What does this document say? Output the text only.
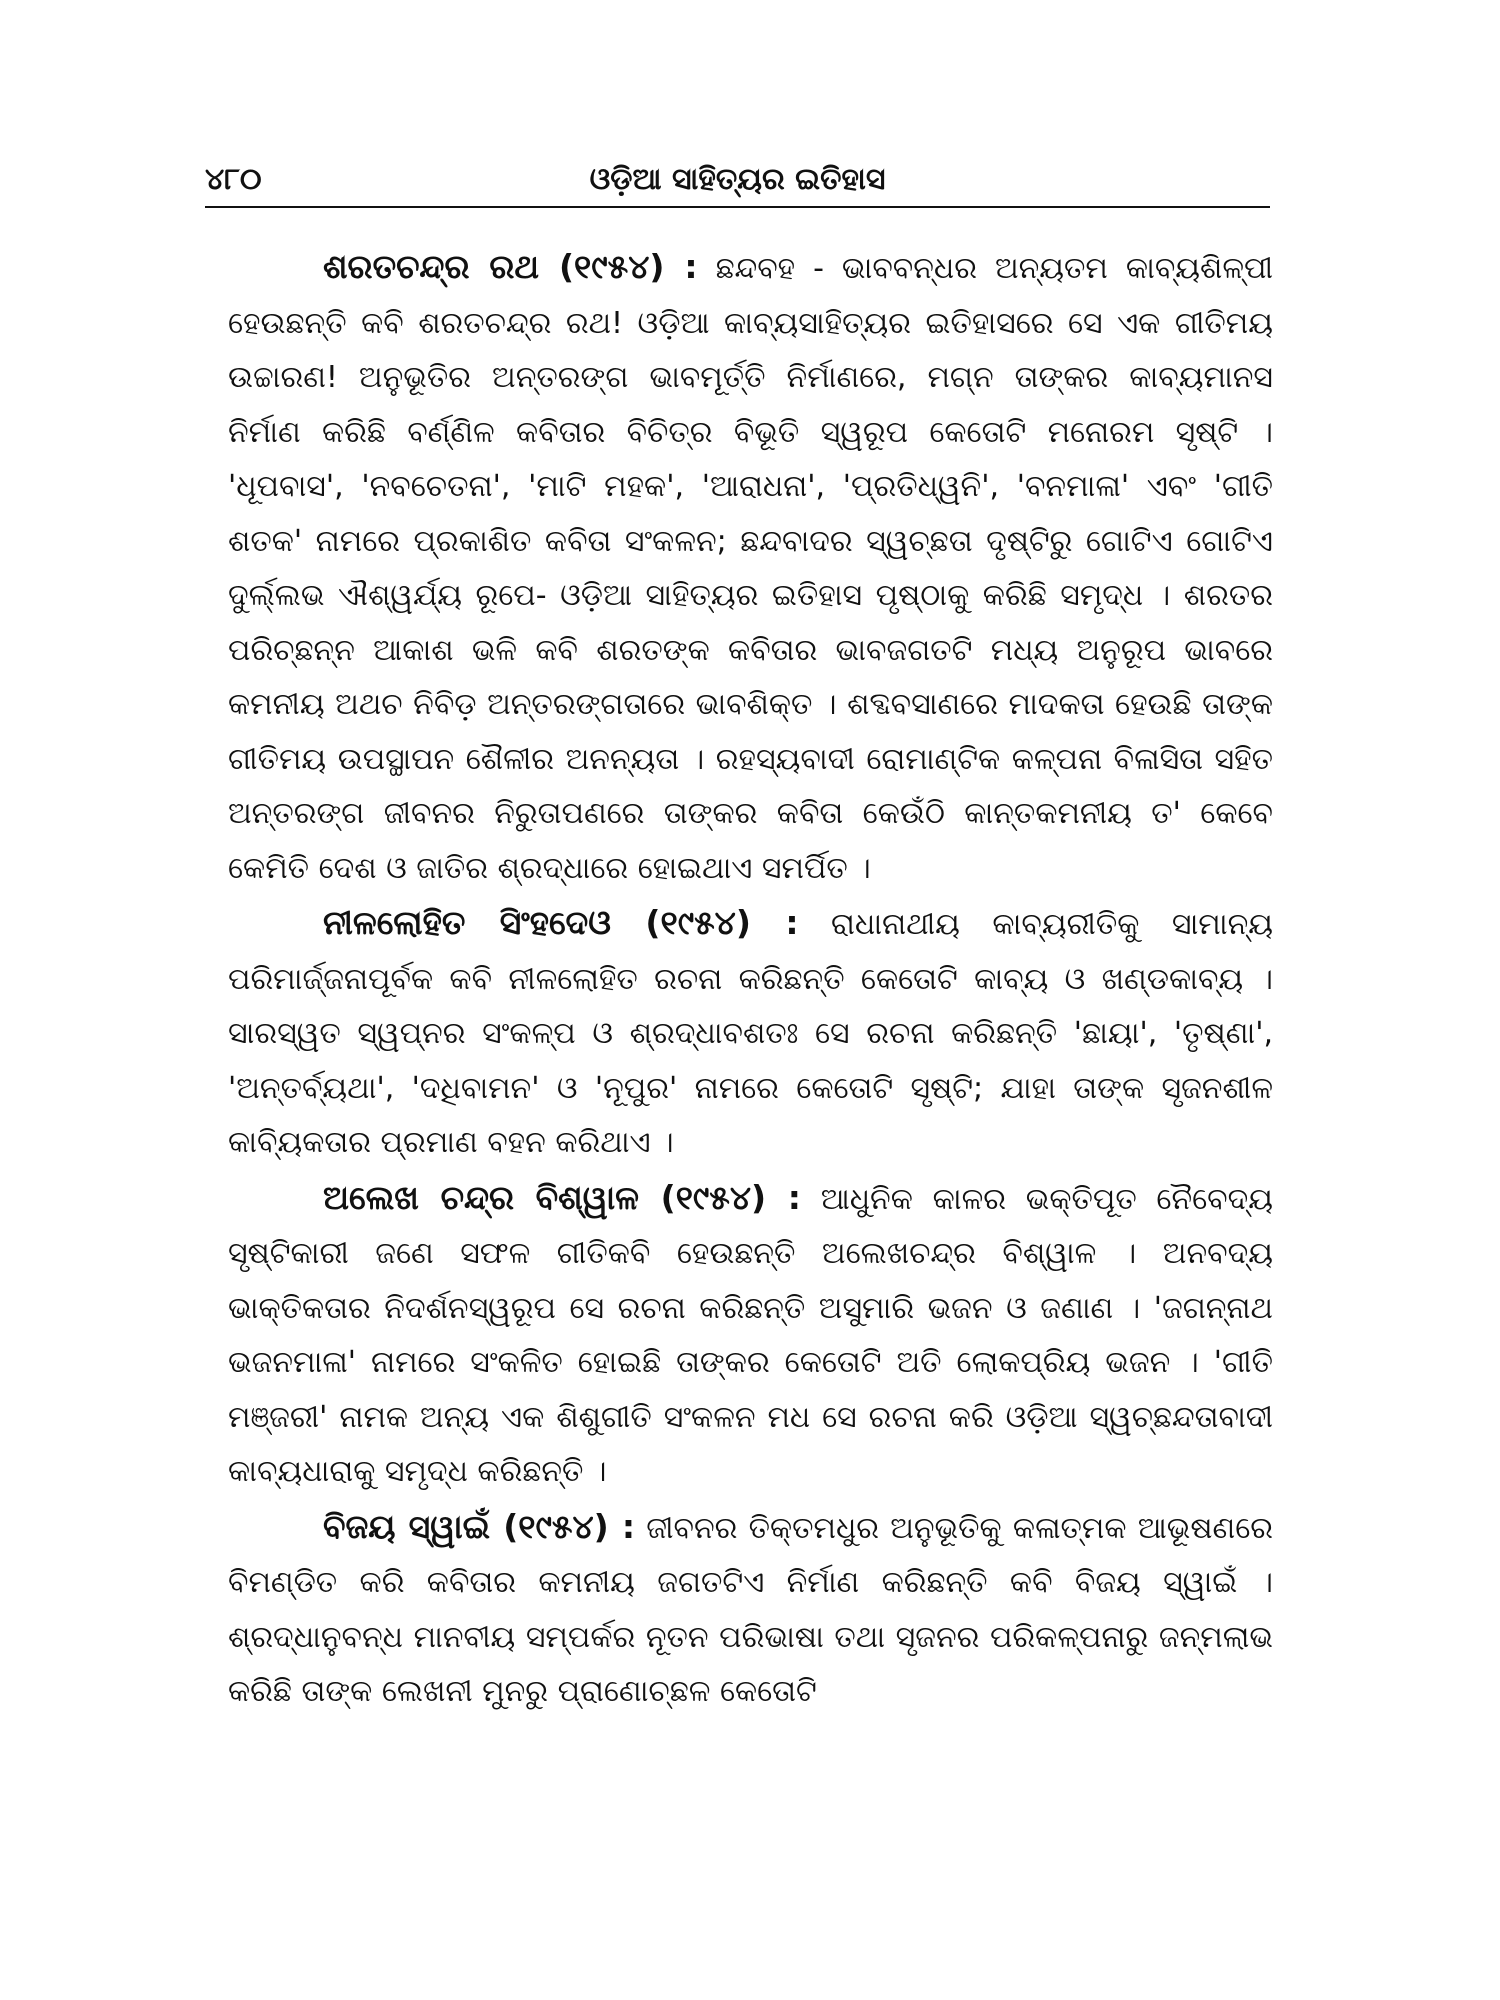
୪୮୦	ଓଡ଼ିଆ ସାହିତ୍ୟର ଇତିହାସ

ଶରତଚନ୍ଦ୍ର ରଥ (୧୯୫୪) : ଛନ୍ଦବହ - ଭାବବନ୍ଧର ଅନ୍ୟତମ କାବ୍ୟଶିଳ୍ପୀ ହେଉଛନ୍ତି କବି ଶରତଚନ୍ଦ୍ର ରଥ! ଓଡ଼ିଆ କାବ୍ୟସାହିତ୍ୟର ଇତିହାସରେ ସେ ଏକ ଗୀତିମୟ ଉଚ୍ଚାରଣ! ଅନୁଭୂତିର ଅନ୍ତରଙ୍ଗ ଭାବମୂର୍ତ୍ତି ନିର୍ମାଣରେ, ମଗ୍ନ ତାଙ୍କର କାବ୍ୟମାନସ ନିର୍ମାଣ କରିଛି ବର୍ଣ୍ଣିଳ କବିତାର ବିଚିତ୍ର ବିଭୂତି ସ୍ୱରୂପ କେତୋଟି ମନୋରମ ସୃଷ୍ଟି । 'ଧୂପବାସ', 'ନବଚେତନା', 'ମାଟି ମହକ', 'ଆରାଧନା', 'ପ୍ରତିଧ୍ୱନି', 'ବନମାଳା' ଏବଂ 'ଗୀତି ଶତକ' ନାମରେ ପ୍ରକାଶିତ କବିତା ସଂକଳନ; ଛନ୍ଦବାଦର ସ୍ୱଚ୍ଛତା ଦୃଷ୍ଟିରୁ ଗୋଟିଏ ଗୋଟିଏ ଦୁର୍ଲ୍ଲଭ ଐଶ୍ୱର୍ଯ୍ୟ ରୂପେ- ଓଡ଼ିଆ ସାହିତ୍ୟର ଇତିହାସ ପୃଷ୍ଠାକୁ କରିଛି ସମୃଦ୍ଧ । ଶରତର ପରିଚ୍ଛନ୍ନ ଆକାଶ ଭଳି କବି ଶରତଙ୍କ କବିତାର ଭାବଜଗତଟି ମଧ୍ୟ ଅନୁରୂପ ଭାବରେ କମନୀୟ ଅଥଚ ନିବିଡ଼ ଅନ୍ତରଙ୍ଗତାରେ ଭାବଶିକ୍ତ । ଶବ୍ଦବସାଣରେ ମାଦକତା ହେଉଛି ତାଙ୍କ ଗୀତିମୟ ଉପସ୍ଥାପନ ଶୈଳୀର ଅନନ୍ୟତା । ରହସ୍ୟବାଦୀ ରୋମାଣ୍ଟିକ କଳ୍ପନା ବିଳାସିତା ସହିତ ଅନ୍ତରଙ୍ଗ ଜୀବନର ନିରୁତାପଣରେ ତାଙ୍କର କବିତା କେଉଁଠି କାନ୍ତକମନୀୟ ତ' କେବେ କେମିତି ଦେଶ ଓ ଜାତିର ଶ୍ରଦ୍ଧାରେ ହୋଇଥାଏ ସମର୍ପିତ ।

ନୀଳଲୋହିତ ସିଂହଦେଓ (୧୯୫୪) : ରାଧାନାଥୀୟ କାବ୍ୟରୀତିକୁ ସାମାନ୍ୟ ପରିମାର୍ଜ୍ଜନାପୂର୍ବକ କବି ନୀଳଲୋହିତ ରଚନା କରିଛନ୍ତି କେତୋଟି କାବ୍ୟ ଓ ଖଣ୍ଡକାବ୍ୟ । ସାରସ୍ୱତ ସ୍ୱପ୍ନର ସଂକଳ୍ପ ଓ ଶ୍ରଦ୍ଧାବଶତଃ ସେ ରଚନା କରିଛନ୍ତି 'ଛାୟା', 'ତୃଷ୍ଣା', 'ଅନ୍ତର୍ବ୍ୟଥା', 'ଦଧିବାମନ' ଓ 'ନୂପୁର' ନାମରେ କେତୋଟି ସୃଷ୍ଟି; ଯାହା ତାଙ୍କ ସୃଜନଶୀଳ କାବ୍ୟିକତାର ପ୍ରମାଣ ବହନ କରିଥାଏ ।

ଅଲେଖ ଚନ୍ଦ୍ର ବିଶ୍ୱାଳ (୧୯୫୪) : ଆଧୁନିକ କାଳର ଭକ୍ତିପୂତ ନୈବେଦ୍ୟ ସୃଷ୍ଟିକାରୀ ଜଣେ ସଫଳ ଗୀତିକବି ହେଉଛନ୍ତି ଅଲେଖଚନ୍ଦ୍ର ବିଶ୍ୱାଳ । ଅନବଦ୍ୟ ଭାକ୍ତିକତାର ନିଦର୍ଶନସ୍ୱରୂପ ସେ ରଚନା କରିଛନ୍ତି ଅସୁମାରି ଭଜନ ଓ ଜଣାଣ । 'ଜଗନ୍ନାଥ ଭଜନମାଳା' ନାମରେ ସଂକଳିତ ହୋଇଛି ତାଙ୍କର କେତୋଟି ଅତି ଲୋକପ୍ରିୟ ଭଜନ । 'ଗୀତି ମଞ୍ଜରୀ' ନାମକ ଅନ୍ୟ ଏକ ଶିଶୁଗୀତି ସଂକଳନ ମଧ ସେ ରଚନା କରି ଓଡ଼ିଆ ସ୍ୱଚ୍ଛନ୍ଦତାବାଦୀ କାବ୍ୟଧାରାକୁ ସମୃଦ୍ଧ କରିଛନ୍ତି ।

ବିଜୟ ସ୍ୱାଇଁ (୧୯୫୪) : ଜୀବନର ତିକ୍ତମଧୁର ଅନୁଭୂତିକୁ କଳାତ୍ମକ ଆଭୂଷଣରେ ବିମଣ୍ଡିତ କରି କବିତାର କମନୀୟ ଜଗତଟିଏ ନିର୍ମାଣ କରିଛନ୍ତି କବି ବିଜୟ ସ୍ୱାଇଁ । ଶ୍ରଦ୍ଧାନୁବନ୍ଧ ମାନବୀୟ ସମ୍ପର୍କର ନୂତନ ପରିଭାଷା ତଥା ସୃଜନର ପରିକଳ୍ପନାରୁ ଜନ୍ମଲାଭ କରିଛି ତାଙ୍କ ଲେଖନୀ ମୁନରୁ ପ୍ରାଣୋଚ୍ଛଳ କେତୋଟି
